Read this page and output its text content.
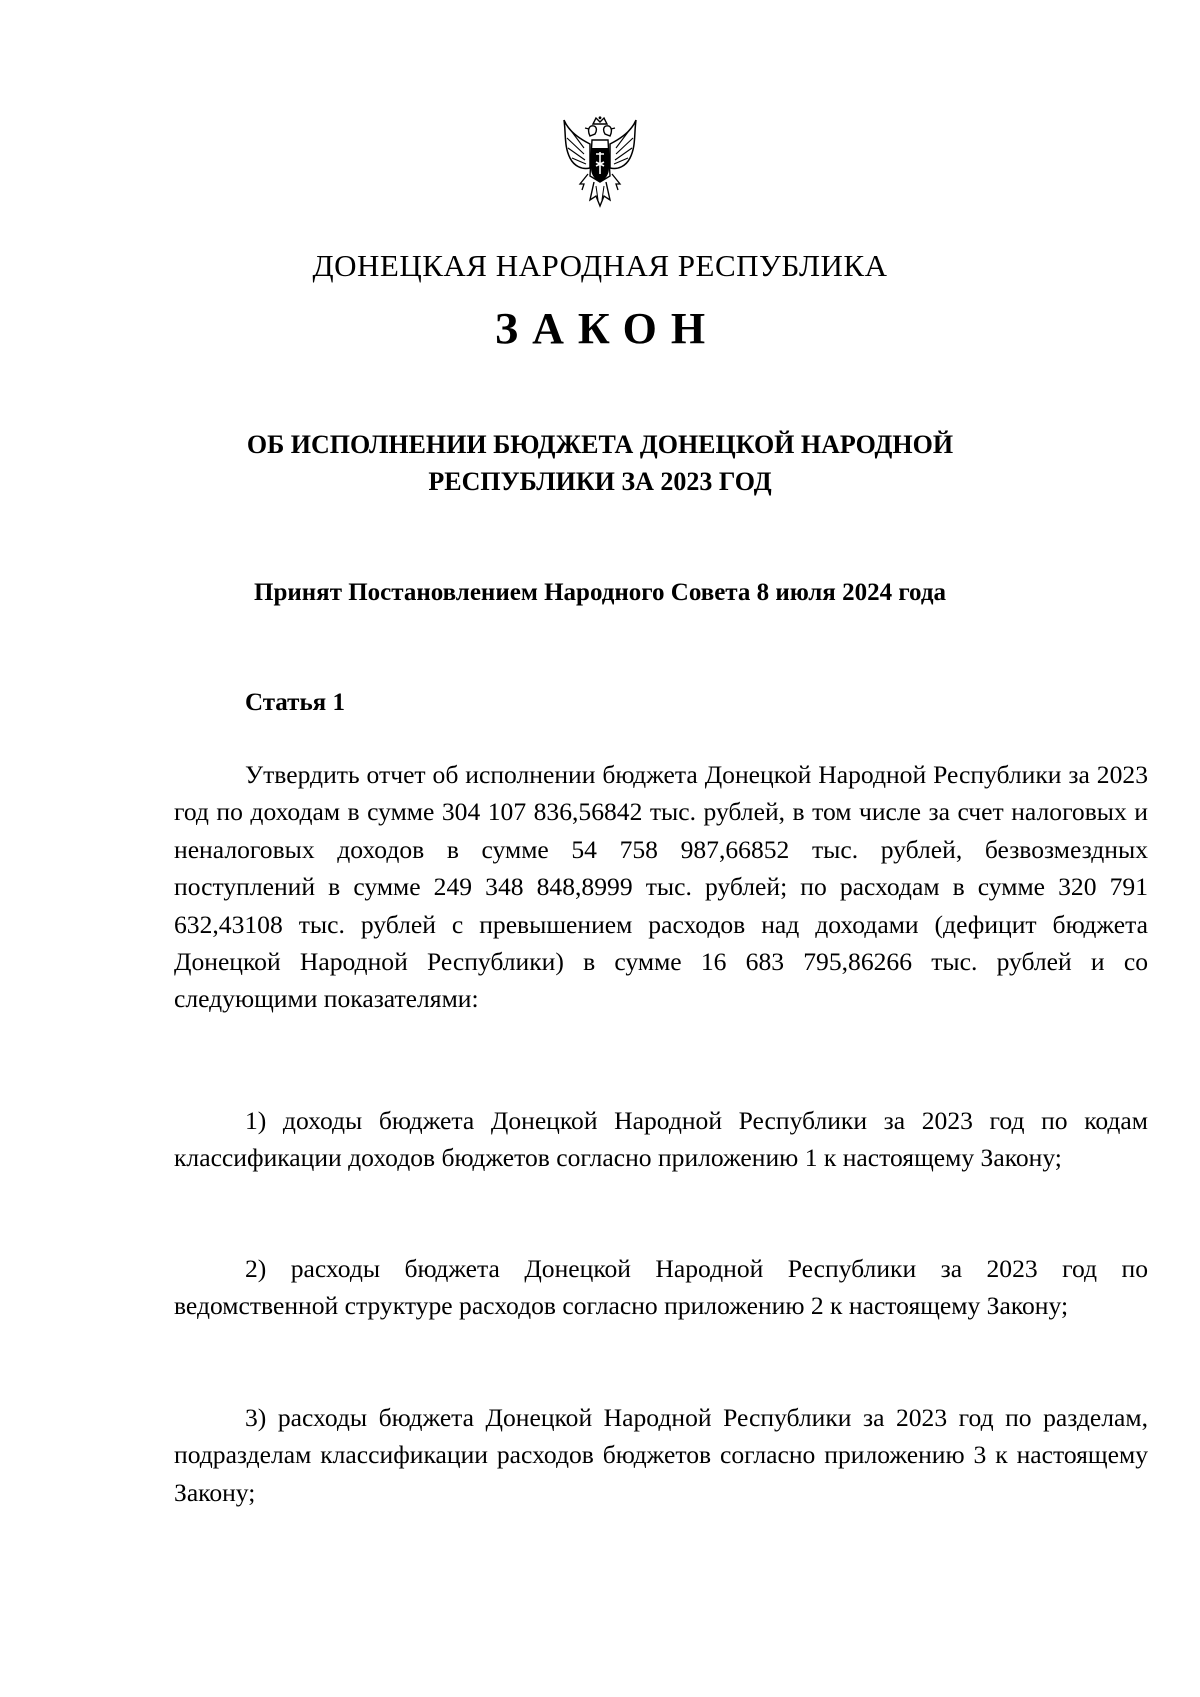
ДОНЕЦКАЯ НАРОДНАЯ РЕСПУБЛИКА
ЗАКОН
ОБ ИСПОЛНЕНИИ БЮДЖЕТА ДОНЕЦКОЙ НАРОДНОЙ
РЕСПУБЛИКИ ЗА 2023 ГОД
Принят Постановлением Народного Совета 8 июля 2024 года
Статья 1

Утвердить отчет об исполнении бюджета Донецкой Народной Республики за 2023 год по доходам в сумме 304 107 836,56842 тыс. рублей, в том числе за счет налоговых и неналоговых доходов в сумме 54 758 987,66852 тыс. рублей, безвозмездных поступлений в сумме 249 348 848,8999 тыс. рублей; по расходам в сумме 320 791 632,43108 тыс. рублей с превышением расходов над доходами (дефицит бюджета Донецкой Народной Республики) в сумме 16 683 795,86266 тыс. рублей и со следующими показателями:

1) доходы бюджета Донецкой Народной Республики за 2023 год по кодам классификации доходов бюджетов согласно приложению 1 к настоящему Закону;

2) расходы бюджета Донецкой Народной Республики за 2023 год по ведомственной структуре расходов согласно приложению 2 к настоящему Закону;

3) расходы бюджета Донецкой Народной Республики за 2023 год по разделам, подразделам классификации расходов бюджетов согласно приложению 3 к настоящему Закону;
